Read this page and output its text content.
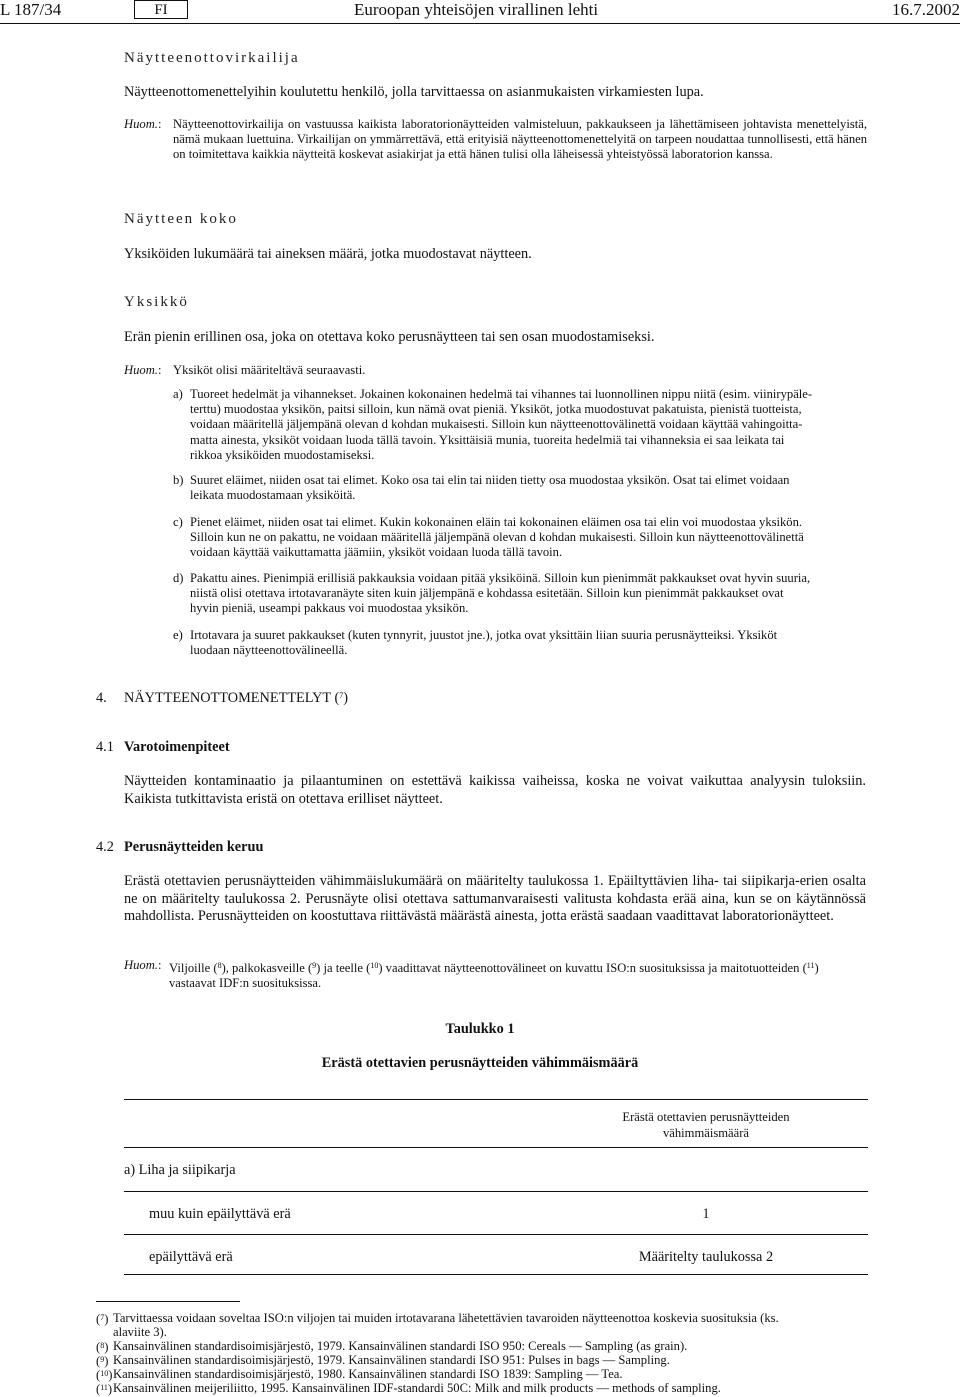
L 187/34	FI	Euroopan yhteisöjen virallinen lehti	16.7.2002
Näytteenottovirkailija
Näytteenottomenettelyihin koulutettu henkilö, jolla tarvittaessa on asianmukaisten virkamiesten lupa.
Huom.: Näytteenottovirkailija on vastuussa kaikista laboratorionäytteiden valmisteluun, pakkaukseen ja lähettämiseen johtavista menettelyistä, nämä mukaan luettuina. Virkailijan on ymmärrettävä, että erityisiä näytteenottomenettelyitä on tarpeen noudattaa tunnollisesti, että hänen on toimitettava kaikkia näytteitä koskevat asiakirjat ja että hänen tulisi olla läheisessä yhteistyössä laboratorion kanssa.
Näytteen koko
Yksiköiden lukumäärä tai aineksen määrä, jotka muodostavat näytteen.
Yksikkö
Erän pienin erillinen osa, joka on otettava koko perusnäytteen tai sen osan muodostamiseksi.
Huom.: Yksiköt olisi määriteltävä seuraavasti.
a) Tuoreet hedelmät ja vihannekset. Jokainen kokonainen hedelmä tai vihannes tai luonnollinen nippu niitä (esim. viinirypäle-
terttu) muodostaa yksikön, paitsi silloin, kun nämä ovat pieniä. Yksiköt, jotka muodostuvat pakatuista, pienistä tuotteista,
voidaan määritellä jäljempänä olevan d kohdan mukaisesti. Silloin kun näytteenottovälinettä voidaan käyttää vahingoitta-
matta ainesta, yksiköt voidaan luoda tällä tavoin. Yksittäisiä munia, tuoreita hedelmiä tai vihanneksia ei saa leikata tai
rikkoa yksiköiden muodostamiseksi.
b) Suuret eläimet, niiden osat tai elimet. Koko osa tai elin tai niiden tietty osa muodostaa yksikön. Osat tai elimet voidaan
leikata muodostamaan yksiköitä.
c) Pienet eläimet, niiden osat tai elimet. Kukin kokonainen eläin tai kokonainen eläimen osa tai elin voi muodostaa yksikön.
Silloin kun ne on pakattu, ne voidaan määritellä jäljempänä olevan d kohdan mukaisesti. Silloin kun näytteenottovälinettä
voidaan käyttää vaikuttamatta jäämiin, yksiköt voidaan luoda tällä tavoin.
d) Pakattu aines. Pienimpiä erillisiä pakkauksia voidaan pitää yksiköinä. Silloin kun pienimmät pakkaukset ovat hyvin suuria,
niistä olisi otettava irtotavaranäyte siten kuin jäljempänä e kohdassa esitetään. Silloin kun pienimmät pakkaukset ovat
hyvin pieniä, useampi pakkaus voi muodostaa yksikön.
e) Irtotavara ja suuret pakkaukset (kuten tynnyrit, juustot jne.), jotka ovat yksittäin liian suuria perusnäytteiksi. Yksiköt
luodaan näytteenottovälineellä.
4. NÄYTTEENOTTOMENETTELYT ($^7$)
4.1 Varotoimenpiteet
Näytteiden kontaminaatio ja pilaantuminen on estettävä kaikissa vaiheissa, koska ne voivat vaikuttaa analyysin tuloksiin. Kaikista tutkittavista eristä on otettava erilliset näytteet.
4.2 Perusnäytteiden keruu
Erästä otettavien perusnäytteiden vähimmäislukumäärä on määritelty taulukossa 1. Epäiltyttävien liha- tai siipikarja-erien osalta ne on määritelty taulukossa 2. Perusnäyte olisi otettava sattumanvaraisesti valitusta kohdasta erää aina, kun se on käytännössä mahdollista. Perusnäytteiden on koostuttava riittävästä määrästä ainesta, jotta erästä saadaan vaadittavat laboratorionäytteet.
Huom.: Viljoille ($^8$), palkokasveille ($^9$) ja teelle ($^{10}$) vaadittavat näytteenottovälineet on kuvattu ISO:n suosituksissa ja maitotuotteiden ($^{11}$)
vastaavat IDF:n suosituksissa.
Taulukko 1
Erästä otettavien perusnäytteiden vähimmäismäärä
Erästä otettavien perusnäytteiden
vähimmäismäärä
a) Liha ja siipikarja
muu kuin epäilyttävä erä	1
epäilyttävä erä	Määritelty taulukossa 2
($^7$) Tarvittaessa voidaan soveltaa ISO:n viljojen tai muiden irtotavarana lähetettävien tavaroiden näytteenottoa koskevia suosituksia (ks.
alaviite 3).
($^8$) Kansainvälinen standardisoimisjärjestö, 1979. Kansainvälinen standardi ISO 950: Cereals — Sampling (as grain).
($^9$) Kansainvälinen standardisoimisjärjestö, 1979. Kansainvälinen standardi ISO 951: Pulses in bags — Sampling.
($^{10}$) Kansainvälinen standardisoimisjärjestö, 1980. Kansainvälinen standardi ISO 1839: Sampling — Tea.
($^{11}$) Kansainvälinen meijeriliitto, 1995. Kansainvälinen IDF-standardi 50C: Milk and milk products — methods of sampling.
